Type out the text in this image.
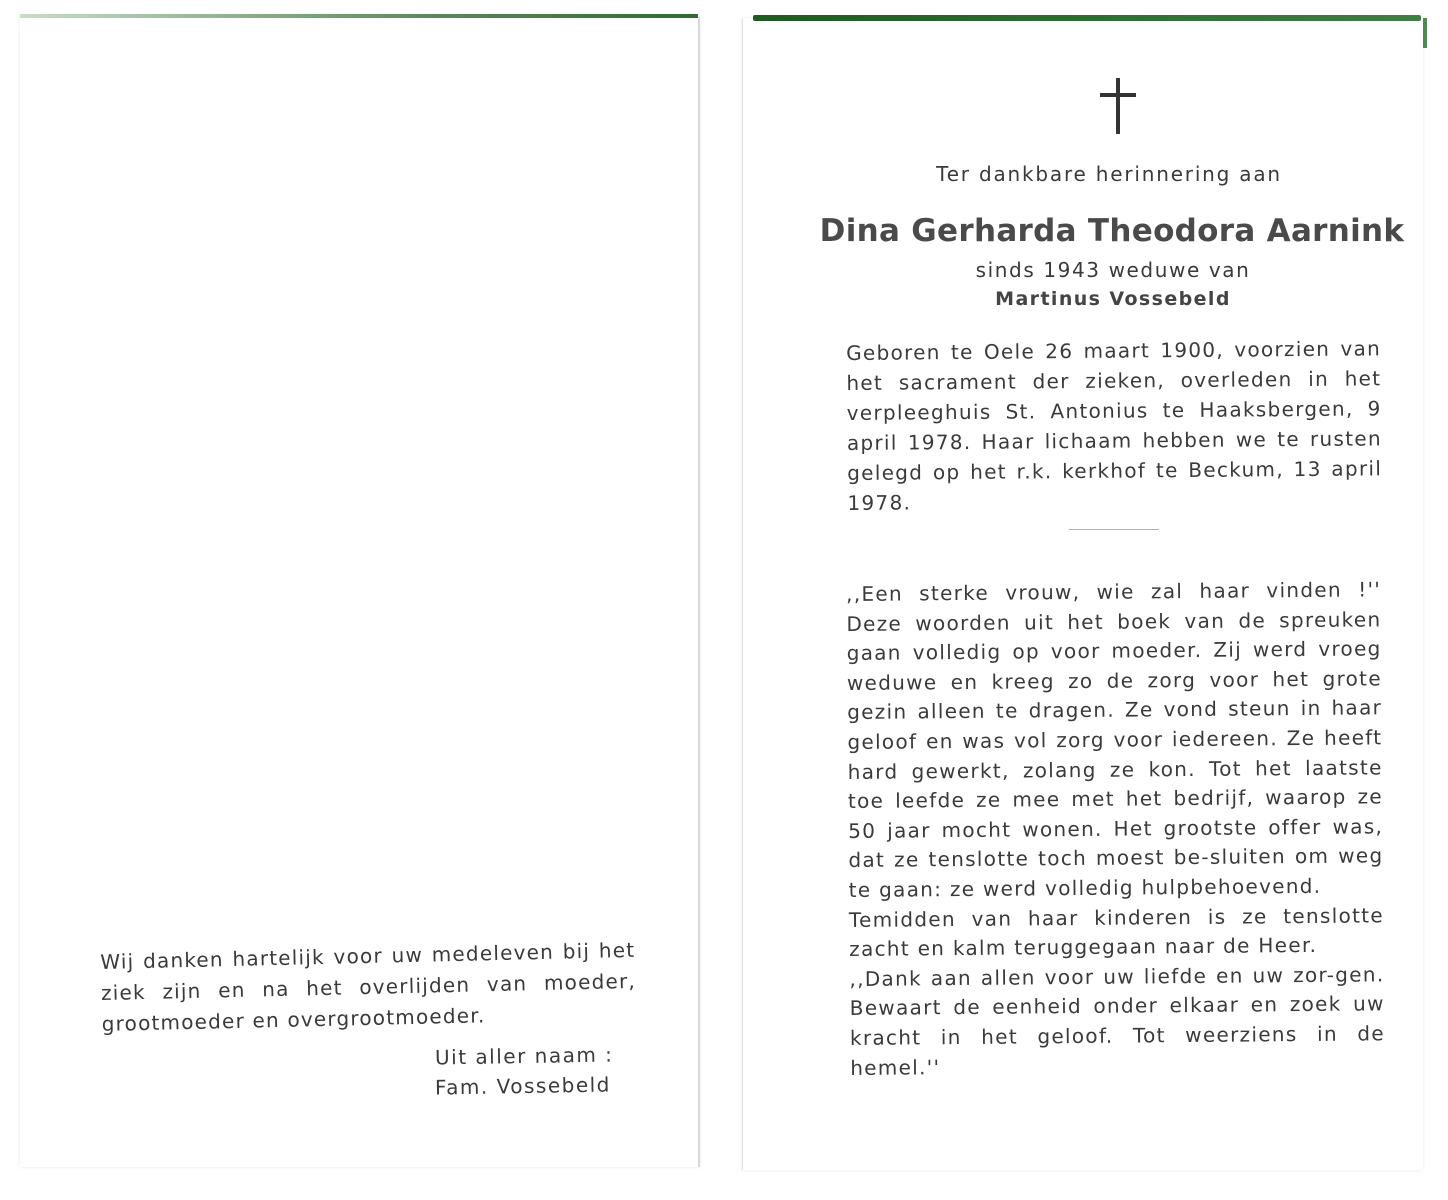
Wij danken hartelijk voor uw medeleven bij het ziek zijn en na het overlijden van moeder, grootmoeder en overgrootmoeder.
Uit aller naam :
Fam. Vossebeld
Ter dankbare herinnering aan
Dina Gerharda Theodora Aarnink
sinds 1943 weduwe van
Martinus Vossebeld
Geboren te Oele 26 maart 1900, voorzien van het sacrament der zieken, overleden in het verpleeghuis St. Antonius te Haaksbergen, 9 april 1978. Haar lichaam hebben we te rusten gelegd op het r.k. kerkhof te Beckum, 13 april 1978.

,,Een sterke vrouw, wie zal haar vinden !'' Deze woorden uit het boek van de spreuken gaan volledig op voor moeder. Zij werd vroeg weduwe en kreeg zo de zorg voor het grote gezin alleen te dragen. Ze vond steun in haar geloof en was vol zorg voor iedereen. Ze heeft hard gewerkt, zolang ze kon. Tot het laatste toe leefde ze mee met het bedrijf, waarop ze 50 jaar mocht wonen. Het grootste offer was, dat ze tenslotte toch moest be-sluiten om weg te gaan: ze werd volledig hulpbehoevend.

Temidden van haar kinderen is ze tenslotte zacht en kalm teruggegaan naar de Heer.

,,Dank aan allen voor uw liefde en uw zor-gen. Bewaart de eenheid onder elkaar en zoek uw kracht in het geloof. Tot weerziens in de hemel.''
